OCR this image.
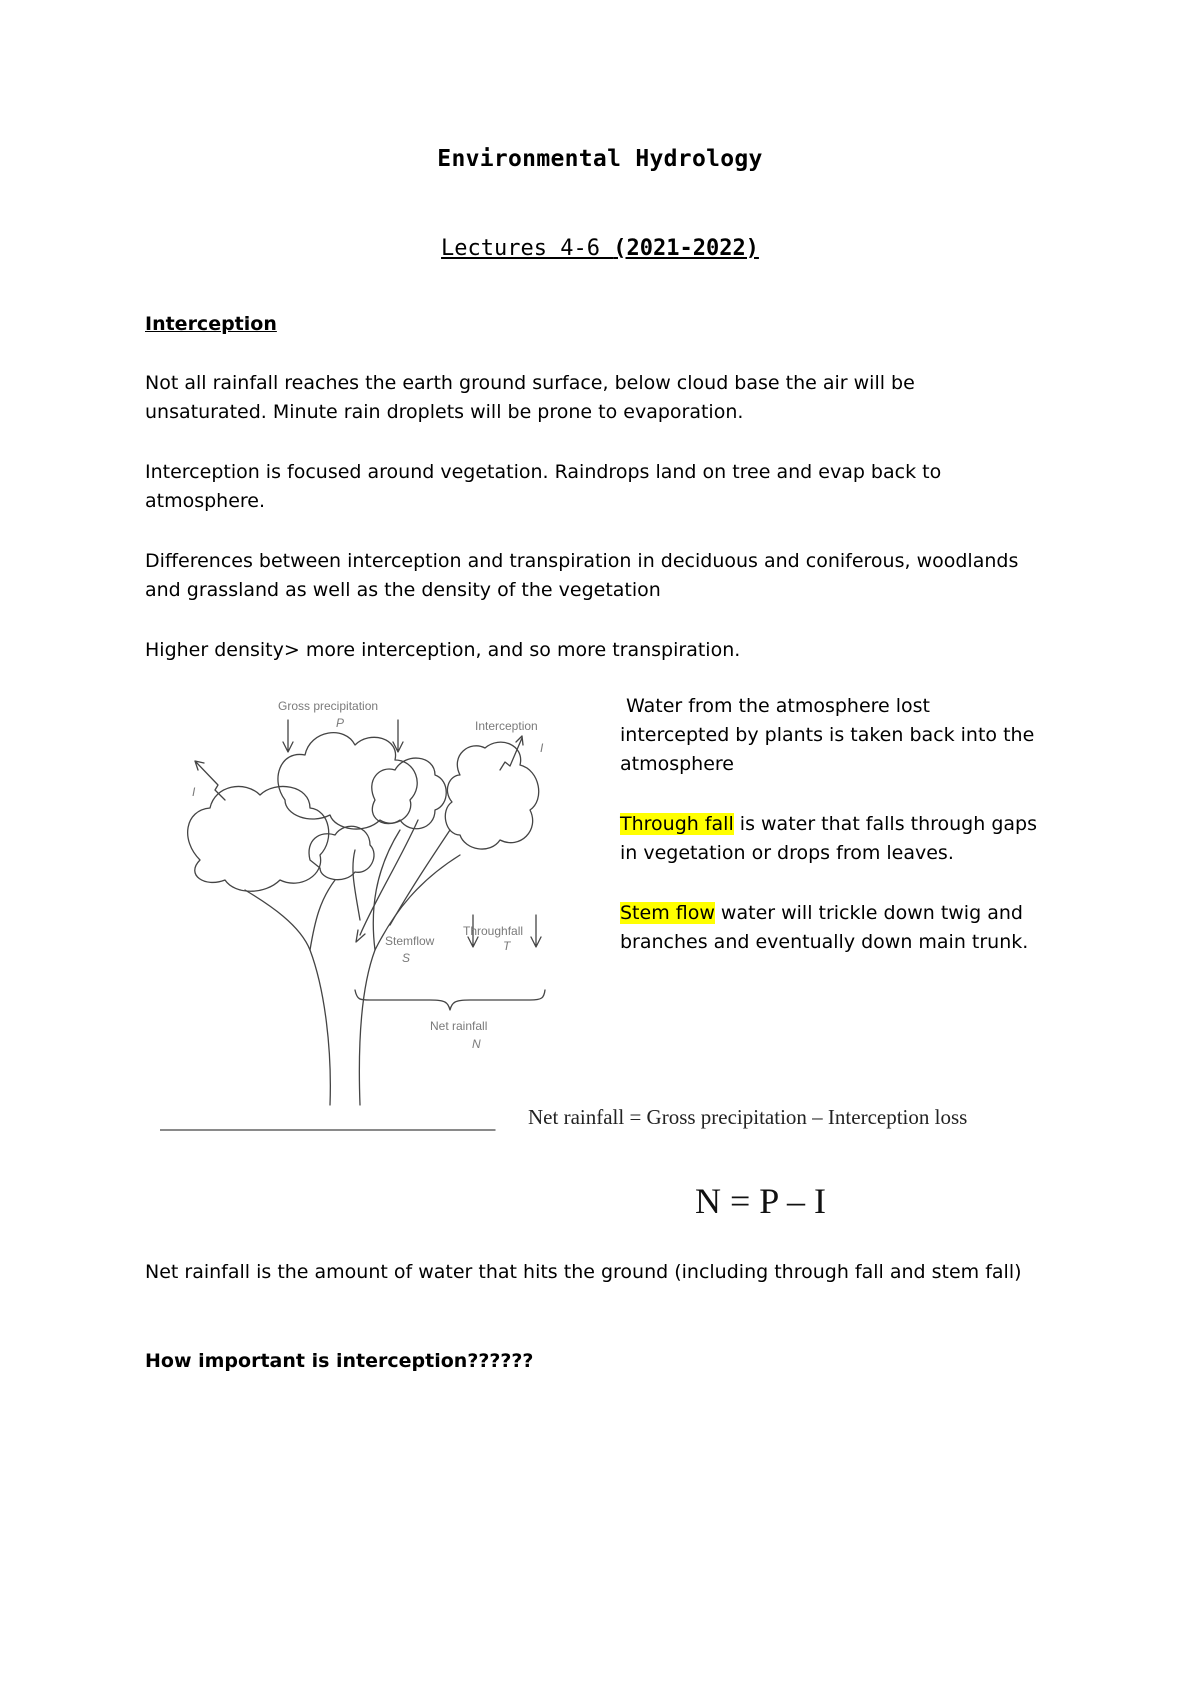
Environmental Hydrology
Lectures 4-6 (2021-2022)
Interception
Not all rainfall reaches the earth ground surface, below cloud base the air will be
unsaturated. Minute rain droplets will be prone to evaporation.
Interception is focused around vegetation. Raindrops land on tree and evap back to
atmosphere.
Differences between interception and transpiration in deciduous and coniferous, woodlands
and grassland as well as the density of the vegetation
Higher density> more interception, and so more transpiration.
Gross precipitation
P	Interception
I
I
Stemflow
S
Throughfall
T
Net rainfall
N
Water from the atmosphere lost
intercepted by plants is taken back into the
atmosphere
Through fall is water that falls through gaps
in vegetation or drops from leaves.
Stem flow water will trickle down twig and
branches and eventually down main trunk.
Net rainfall = Gross precipitation – Interception loss
N = P – I
Net rainfall is the amount of water that hits the ground (including through fall and stem fall)
How important is interception??????
